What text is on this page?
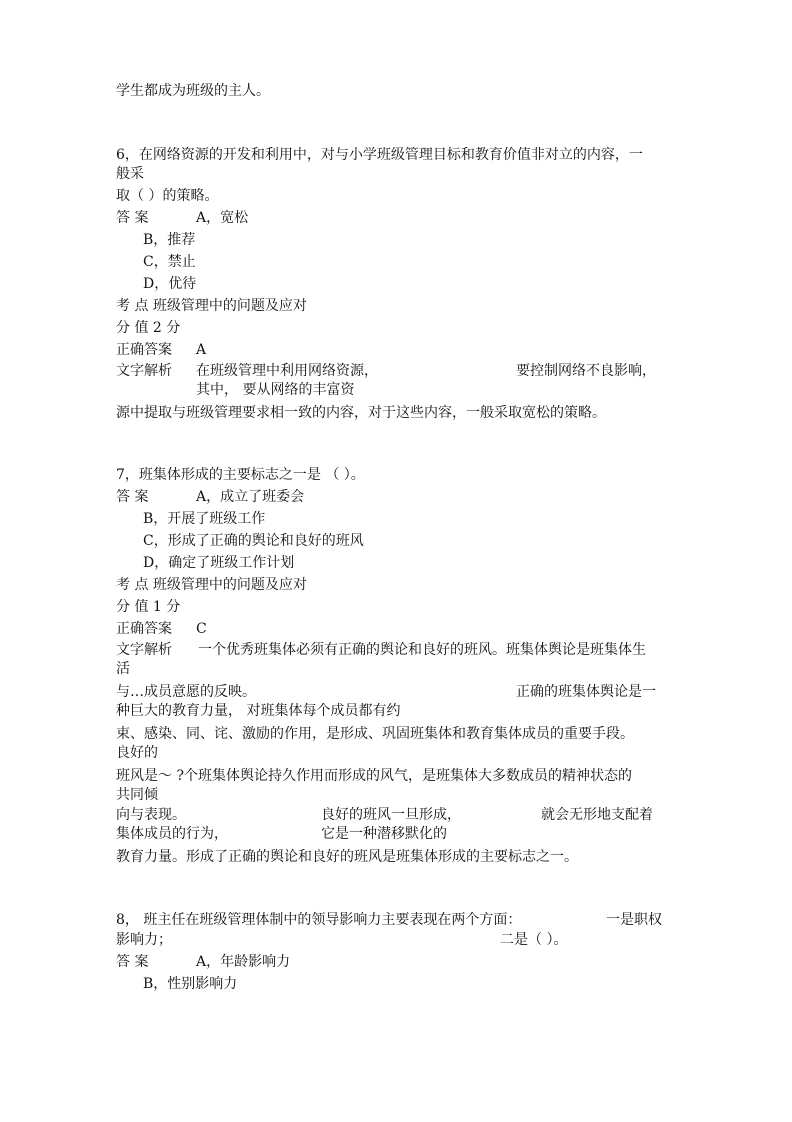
学生都成为班级的主人。
6，在网络资源的开发和利用中，对与小学班级管理目标和教育价值非对立的内容，一
般采
取（ ）的策略。
答 案	A，宽松
B，推荐
C，禁止
D，优待
考 点 班级管理中的问题及应对
分 值 2 分
正确答案 A
文字解析 在班级管理中利用网络资源，	要控制网络不良影响，
其中， 要从网络的丰富资
源中提取与班级管理要求相一致的内容，对于这些内容，一般采取宽松的策略。
7，班集体形成的主要标志之一是 （ ）。
答 案	A，成立了班委会
B，开展了班级工作
C，形成了正确的舆论和良好的班风
D，确定了班级工作计划
考 点 班级管理中的问题及应对
分 值 1 分
正确答案 C
文字解析 一个优秀班集体必须有正确的舆论和良好的班风。班集体舆论是班集体生
活
与…成员意愿的反映。	正确的班集体舆论是一
种巨大的教育力量， 对班集体每个成员都有约
束、感染、同、诧、激励的作用，是形成、巩固班集体和教育集体成员的重要手段。
良好的
班风是～ ?个班集体舆论持久作用而形成的风气，是班集体大多数成员的精神状态的
共同倾
向与表现。	良好的班风一旦形成，	就会无形地支配着
集体成员的行为，	它是一种潜移默化的
教育力量。形成了正确的舆论和良好的班风是班集体形成的主要标志之一。
8， 班主任在班级管理体制中的领导影响力主要表现在两个方面：	一是职权
影响力；	二是（ ）。
答 案	A，年龄影响力
B，性别影响力
